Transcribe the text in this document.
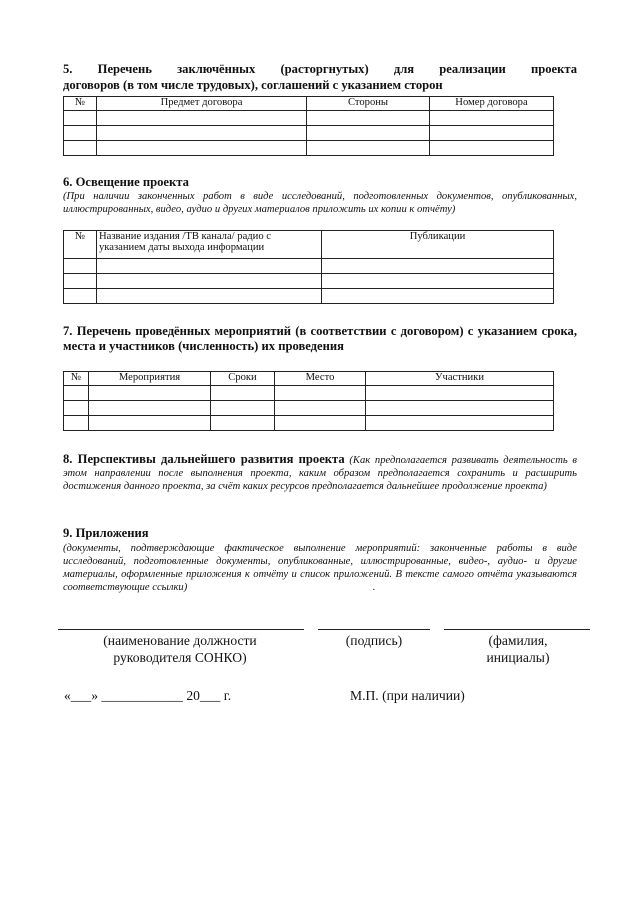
5. Перечень заключённых (расторгнутых) для реализации проекта
договоров (в том числе трудовых), соглашений с указанием сторон
№	Предмет договора	Стороны	Номер договора

6. Освещение проекта
(При наличии законченных работ в виде исследований, подготовленных документов, опубликованных, иллюстрированных, видео, аудио и других материалов приложить их копии к отчёту)
№	Название издания /ТВ канала/ радио с указанием даты выхода информации	Публикации

7. Перечень проведённых мероприятий (в соответствии с договором) с указанием срока, места и участников (численность) их проведения
№	Мероприятия	Сроки	Место	Участники

8. Перспективы дальнейшего развития проекта (Как предполагается развивать деятельность в этом направлении после выполнения проекта, каким образом предполагается сохранить и расширить достижения данного проекта, за счёт каких ресурсов предполагается дальнейшее продолжение проекта)
9. Приложения
(документы, подтверждающие фактическое выполнение мероприятий: законченные работы в виде исследований, подготовленные документы, опубликованные, иллюстрированные, видео-, аудио- и другие материалы, оформленные приложения к отчёту и список приложений. В тексте самого отчёта указываются соответствующие ссылки)	·
(наименование должности руководителя СОНКО)
(подпись)	(фамилия, инициалы)
«___» ____________ 20___ г.	М.П. (при наличии)
